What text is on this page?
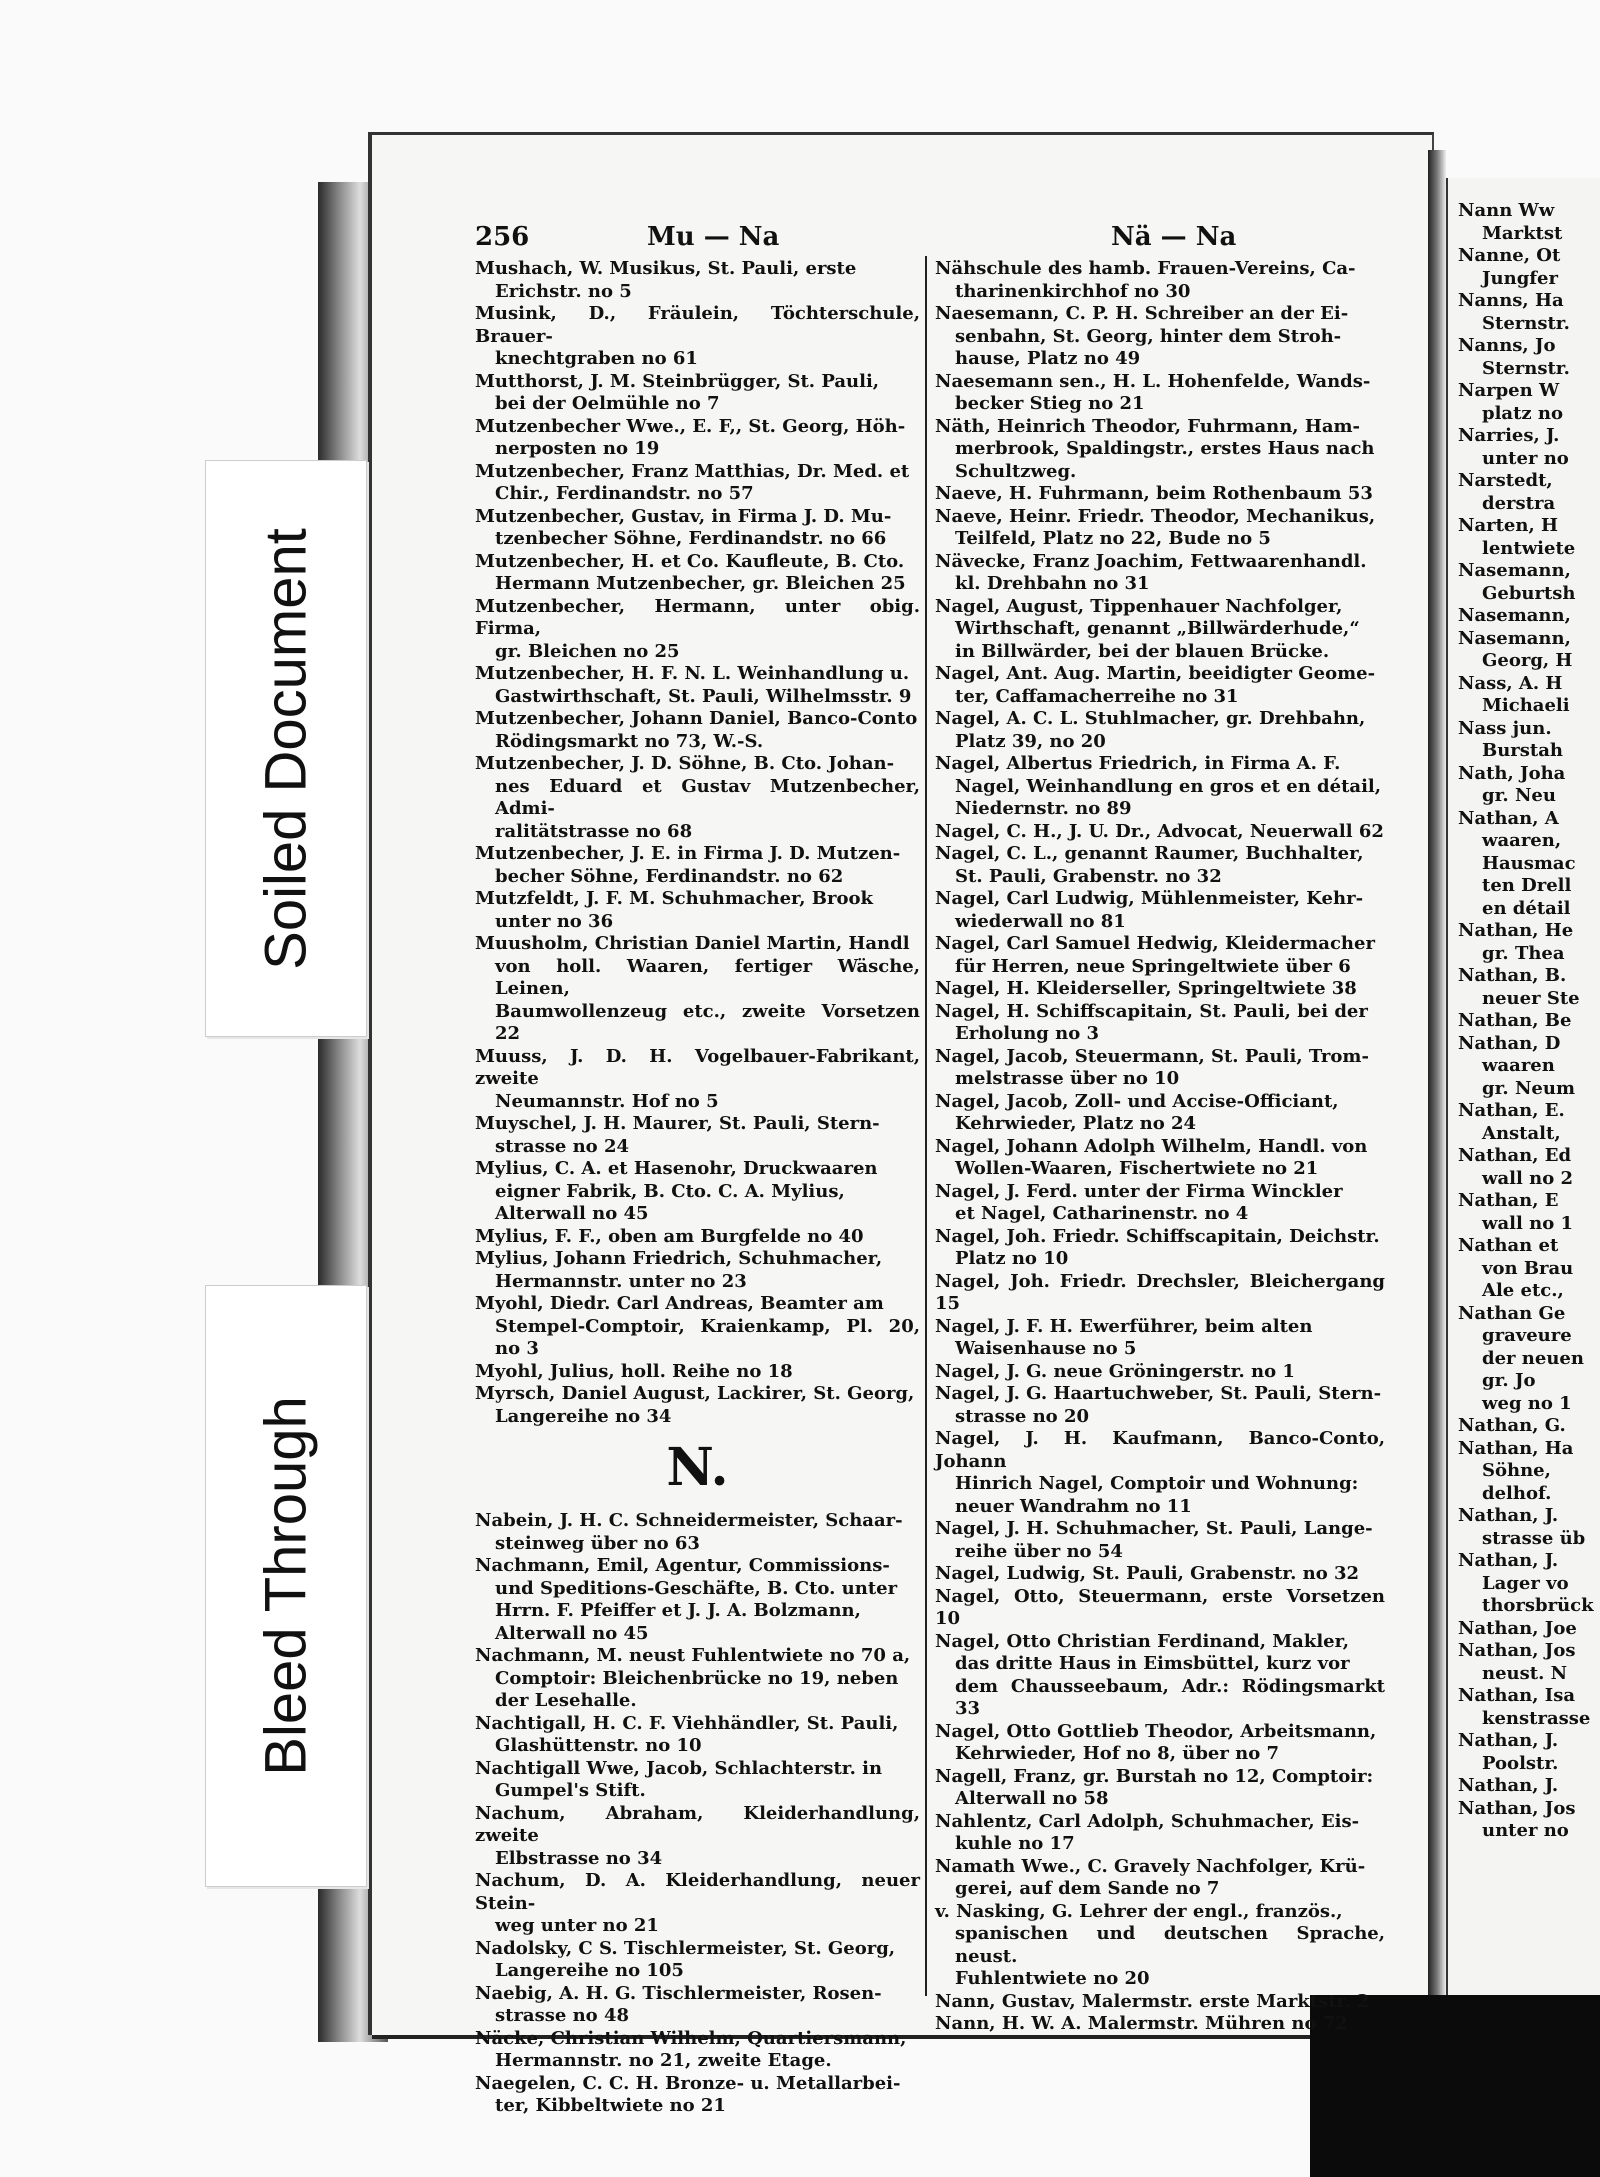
Nann Ww
Marktst
Nanne, Ot
Jungfer
Nanns, Ha
Sternstr.
Nanns, Jo
Sternstr.
Narpen W
platz no
Narries, J.
unter no
Narstedt,
derstra
Narten, H
lentwiete
Nasemann,
Geburtsh
Nasemann,
Nasemann,
Georg, H
Nass, A. H
Michaeli
Nass jun.
Burstah
Nath, Joha
gr. Neu
Nathan, A
waaren,
Hausmac
ten Drell
en détail
Nathan, He
gr. Thea
Nathan, B.
neuer Ste
Nathan, Be
Nathan, D
waaren
gr. Neum
Nathan, E.
Anstalt,
Nathan, Ed
wall no 2
Nathan, E
wall no 1
Nathan et
von Brau
Ale etc.,
Nathan Ge
graveure
der neuen
gr. Jo
weg no 1
Nathan, G.
Nathan, Ha
Söhne,
delhof.
Nathan, J.
strasse üb
Nathan, J.
Lager vo
thorsbrück
Nathan, Joe
Nathan, Jos
neust. N
Nathan, Isa
kenstrasse
Nathan, J.
Poolstr.
Nathan, J.
Nathan, Jos
unter no
Soiled Document
Bleed Through
256	Mu — Na	Nä — Na

Mushach, W. Musikus, St. Pauli, erste
Erichstr. no 5

Musink, D., Fräulein, Töchterschule, Brauer-
knechtgraben no 61

Mutthorst, J. M. Steinbrügger, St. Pauli,
bei der Oelmühle no 7

Mutzenbecher Wwe., E. F,, St. Georg, Höh-
nerposten no 19

Mutzenbecher, Franz Matthias, Dr. Med. et
Chir., Ferdinandstr. no 57

Mutzenbecher, Gustav, in Firma J. D. Mu-
tzenbecher Söhne, Ferdinandstr. no 66

Mutzenbecher, H. et Co. Kaufleute, B. Cto.
Hermann Mutzenbecher, gr. Bleichen 25

Mutzenbecher, Hermann, unter obig. Firma,
gr. Bleichen no 25

Mutzenbecher, H. F. N. L. Weinhandlung u.
Gastwirthschaft, St. Pauli, Wilhelmsstr. 9

Mutzenbecher, Johann Daniel, Banco-Conto
Rödingsmarkt no 73, W.-S.

Mutzenbecher, J. D. Söhne, B. Cto. Johan-
nes Eduard et Gustav Mutzenbecher, Admi-
ralitätstrasse no 68

Mutzenbecher, J. E. in Firma J. D. Mutzen-
becher Söhne, Ferdinandstr. no 62

Mutzfeldt, J. F. M. Schuhmacher, Brook
unter no 36

Muusholm, Christian Daniel Martin, Handl
von holl. Waaren, fertiger Wäsche, Leinen,
Baumwollenzeug etc., zweite Vorsetzen 22

Muuss, J. D. H. Vogelbauer-Fabrikant, zweite
Neumannstr. Hof no 5

Muyschel, J. H. Maurer, St. Pauli, Stern-
strasse no 24

Mylius, C. A. et Hasenohr, Druckwaaren
eigner Fabrik, B. Cto. C. A. Mylius,
Alterwall no 45

Mylius, F. F., oben am Burgfelde no 40

Mylius, Johann Friedrich, Schuhmacher,
Hermannstr. unter no 23

Myohl, Diedr. Carl Andreas, Beamter am
Stempel-Comptoir, Kraienkamp, Pl. 20, no 3

Myohl, Julius, holl. Reihe no 18

Myrsch, Daniel August, Lackirer, St. Georg,
Langereihe no 34

N.

Nabein, J. H. C. Schneidermeister, Schaar-
steinweg über no 63

Nachmann, Emil, Agentur, Commissions-
und Speditions-Geschäfte, B. Cto. unter
Hrrn. F. Pfeiffer et J. J. A. Bolzmann,
Alterwall no 45

Nachmann, M. neust Fuhlentwiete no 70 a,
Comptoir: Bleichenbrücke no 19, neben
der Lesehalle.

Nachtigall, H. C. F. Viehhändler, St. Pauli,
Glashüttenstr. no 10

Nachtigall Wwe, Jacob, Schlachterstr. in
Gumpel's Stift.

Nachum, Abraham, Kleiderhandlung, zweite
Elbstrasse no 34

Nachum, D. A. Kleiderhandlung, neuer Stein-
weg unter no 21

Nadolsky, C S. Tischlermeister, St. Georg,
Langereihe no 105

Naebig, A. H. G. Tischlermeister, Rosen-
strasse no 48

Näcke, Christian Wilhelm, Quartiersmann,
Hermannstr. no 21, zweite Etage.

Naegelen, C. C. H. Bronze- u. Metallarbei-
ter, Kibbeltwiete no 21

Nähschule des hamb. Frauen-Vereins, Ca-
tharinenkirchhof no 30

Naesemann, C. P. H. Schreiber an der Ei-
senbahn, St. Georg, hinter dem Stroh-
hause, Platz no 49

Naesemann sen., H. L. Hohenfelde, Wands-
becker Stieg no 21

Näth, Heinrich Theodor, Fuhrmann, Ham-
merbrook, Spaldingstr., erstes Haus nach
Schultzweg.

Naeve, H. Fuhrmann, beim Rothenbaum 53

Naeve, Heinr. Friedr. Theodor, Mechanikus,
Teilfeld, Platz no 22, Bude no 5

Nävecke, Franz Joachim, Fettwaarenhandl.
kl. Drehbahn no 31

Nagel, August, Tippenhauer Nachfolger,
Wirthschaft, genannt „Billwärderhude,“
in Billwärder, bei der blauen Brücke.

Nagel, Ant. Aug. Martin, beeidigter Geome-
ter, Caffamacherreihe no 31

Nagel, A. C. L. Stuhlmacher, gr. Drehbahn,
Platz 39, no 20

Nagel, Albertus Friedrich, in Firma A. F.
Nagel, Weinhandlung en gros et en détail,
Niedernstr. no 89

Nagel, C. H., J. U. Dr., Advocat, Neuerwall 62

Nagel, C. L., genannt Raumer, Buchhalter,
St. Pauli, Grabenstr. no 32

Nagel, Carl Ludwig, Mühlenmeister, Kehr-
wiederwall no 81

Nagel, Carl Samuel Hedwig, Kleidermacher
für Herren, neue Springeltwiete über 6

Nagel, H. Kleiderseller, Springeltwiete 38

Nagel, H. Schiffscapitain, St. Pauli, bei der
Erholung no 3

Nagel, Jacob, Steuermann, St. Pauli, Trom-
melstrasse über no 10

Nagel, Jacob, Zoll- und Accise-Officiant,
Kehrwieder, Platz no 24

Nagel, Johann Adolph Wilhelm, Handl. von
Wollen-Waaren, Fischertwiete no 21

Nagel, J. Ferd. unter der Firma Winckler
et Nagel, Catharinenstr. no 4

Nagel, Joh. Friedr. Schiffscapitain, Deichstr.
Platz no 10

Nagel, Joh. Friedr. Drechsler, Bleichergang 15

Nagel, J. F. H. Ewerführer, beim alten
Waisenhause no 5

Nagel, J. G. neue Gröningerstr. no 1

Nagel, J. G. Haartuchweber, St. Pauli, Stern-
strasse no 20

Nagel, J. H. Kaufmann, Banco-Conto, Johann
Hinrich Nagel, Comptoir und Wohnung:
neuer Wandrahm no 11

Nagel, J. H. Schuhmacher, St. Pauli, Lange-
reihe über no 54

Nagel, Ludwig, St. Pauli, Grabenstr. no 32

Nagel, Otto, Steuermann, erste Vorsetzen 10

Nagel, Otto Christian Ferdinand, Makler,
das dritte Haus in Eimsbüttel, kurz vor
dem Chausseebaum, Adr.: Rödingsmarkt 33

Nagel, Otto Gottlieb Theodor, Arbeitsmann,
Kehrwieder, Hof no 8, über no 7

Nagell, Franz, gr. Burstah no 12, Comptoir:
Alterwall no 58

Nahlentz, Carl Adolph, Schuhmacher, Eis-
kuhle no 17

Namath Wwe., C. Gravely Nachfolger, Krü-
gerei, auf dem Sande no 7

v. Nasking, G. Lehrer der engl., französ.,
spanischen und deutschen Sprache, neust.
Fuhlentwiete no 20

Nann, Gustav, Malermstr. erste Marktstr. 2

Nann, H. W. A. Malermstr. Mühren no 72
